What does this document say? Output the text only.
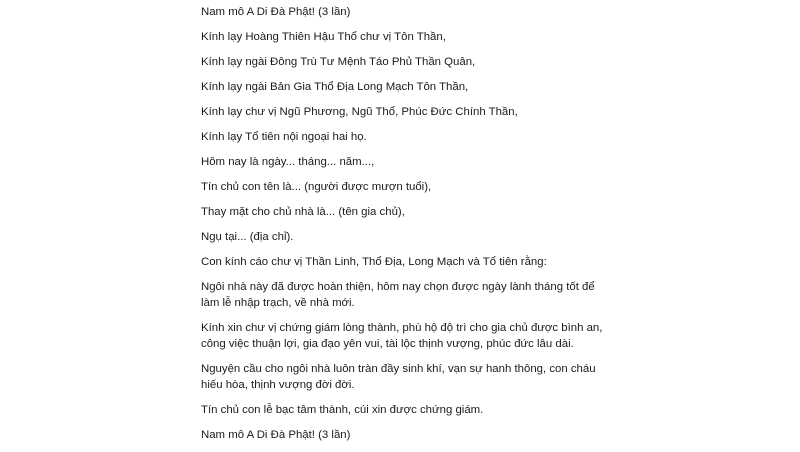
Nam mô A Di Đà Phật! (3 lần)

Kính lạy Hoàng Thiên Hậu Thổ chư vị Tôn Thần,

Kính lạy ngài Đông Trù Tư Mệnh Táo Phủ Thần Quân,

Kính lạy ngài Bản Gia Thổ Địa Long Mạch Tôn Thần,

Kính lạy chư vị Ngũ Phương, Ngũ Thổ, Phúc Đức Chính Thần,

Kính lạy Tổ tiên nội ngoại hai họ.

Hôm nay là ngày... tháng... năm...,

Tín chủ con tên là... (người được mượn tuổi),

Thay mặt cho chủ nhà là... (tên gia chủ),

Ngụ tại... (địa chỉ).

Con kính cáo chư vị Thần Linh, Thổ Địa, Long Mạch và Tổ tiên rằng:

Ngôi nhà này đã được hoàn thiện, hôm nay chọn được ngày lành tháng tốt để làm lễ nhập trạch, về nhà mới.

Kính xin chư vị chứng giám lòng thành, phù hộ độ trì cho gia chủ được bình an, công việc thuận lợi, gia đạo yên vui, tài lộc thịnh vượng, phúc đức lâu dài.

Nguyện cầu cho ngôi nhà luôn tràn đầy sinh khí, vạn sự hanh thông, con cháu hiếu hòa, thịnh vượng đời đời.

Tín chủ con lễ bạc tâm thành, cúi xin được chứng giám.

Nam mô A Di Đà Phật! (3 lần)
